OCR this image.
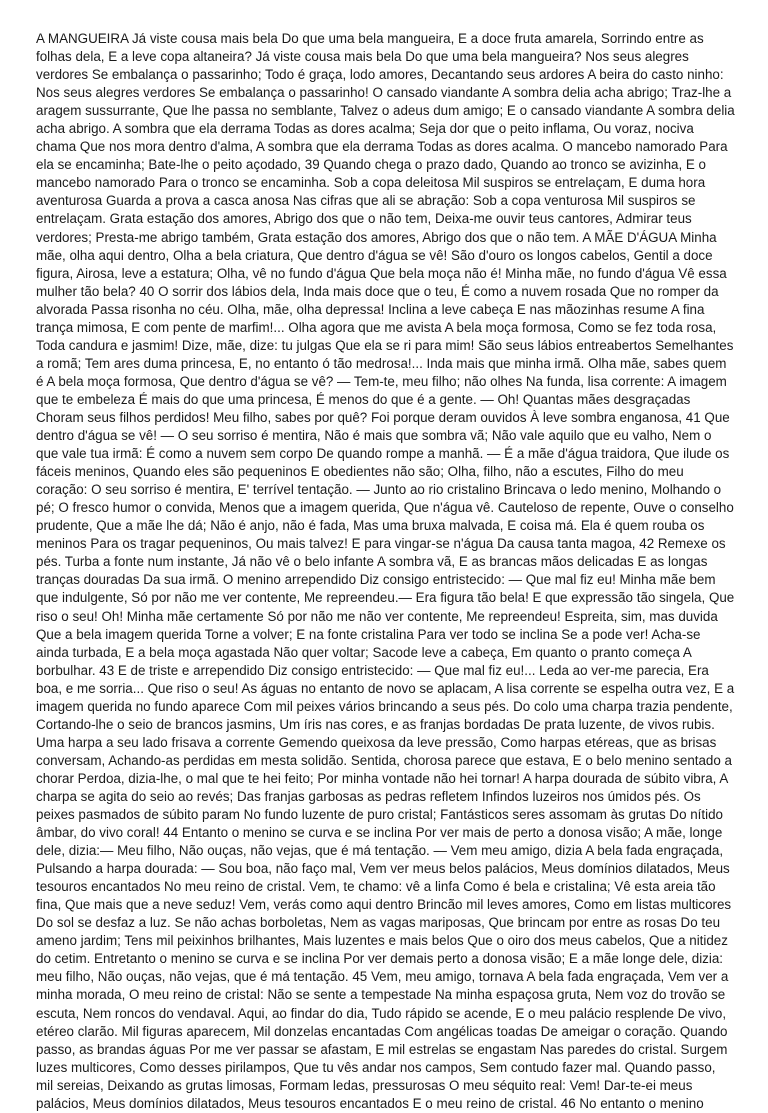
A MANGUEIRA Já viste cousa mais bela Do que uma bela mangueira, E a doce fruta amarela, Sorrindo entre as folhas dela, E a leve copa altaneira? Já viste cousa mais bela Do que uma bela mangueira? Nos seus alegres verdores Se embalança o passarinho; Todo é graça, lodo amores, Decantando seus ardores A beira do casto ninho: Nos seus alegres verdores Se embalança o passarinho! O cansado viandante A sombra delia acha abrigo; Traz-lhe a aragem sussurrante, Que lhe passa no semblante, Talvez o adeus dum amigo; E o cansado viandante A sombra delia acha abrigo. A sombra que ela derrama Todas as dores acalma; Seja dor que o peito inflama, Ou voraz, nociva chama Que nos mora dentro d'alma, A sombra que ela derrama Todas as dores acalma. O mancebo namorado Para ela se encaminha; Bate-lhe o peito açodado, 39 Quando chega o prazo dado, Quando ao tronco se avizinha, E o mancebo namorado Para o tronco se encaminha. Sob a copa deleitosa Mil suspiros se entrelaçam, E duma hora aventurosa Guarda a prova a casca anosa Nas cifras que ali se abração: Sob a copa venturosa Mil suspiros se entrelaçam. Grata estação dos amores, Abrigo dos que o não tem, Deixa-me ouvir teus cantores, Admirar teus verdores; Presta-me abrigo também, Grata estação dos amores, Abrigo dos que o não tem. A MÃE D'ÁGUA Minha mãe, olha aqui dentro, Olha a bela criatura, Que dentro d'água se vê! São d'ouro os longos cabelos, Gentil a doce figura, Airosa, leve a estatura; Olha, vê no fundo d'água Que bela moça não é! Minha mãe, no fundo d'água Vê essa mulher tão bela? 40 O sorrir dos lábios dela, Inda mais doce que o teu, É como a nuvem rosada Que no romper da alvorada Passa risonha no céu. Olha, mãe, olha depressa! Inclina a leve cabeça E nas mãozinhas resume A fina trança mimosa, E com pente de marfim!... Olha agora que me avista A bela moça formosa, Como se fez toda rosa, Toda candura e jasmim! Dize, mãe, dize: tu julgas Que ela se ri para mim! São seus lábios entreabertos Semelhantes a romã; Tem ares duma princesa, E, no entanto ó tão medrosa!... Inda mais que minha irmã. Olha mãe, sabes quem é A bela moça formosa, Que dentro d'água se vê? — Tem-te, meu filho; não olhes Na funda, lisa corrente: A imagem que te embeleza É mais do que uma princesa, É menos do que é a gente. — Oh! Quantas mães desgraçadas Choram seus filhos perdidos! Meu filho, sabes por quê? Foi porque deram ouvidos À leve sombra enganosa, 41 Que dentro d'água se vê! — O seu sorriso é mentira, Não é mais que sombra vã; Não vale aquilo que eu valho, Nem o que vale tua irmã: É como a nuvem sem corpo De quando rompe a manhã. — É a mãe d'água traidora, Que ilude os fáceis meninos, Quando eles são pequeninos E obedientes não são; Olha, filho, não a escutes, Filho do meu coração: O seu sorriso é mentira, E' terrível tentação. — Junto ao rio cristalino Brincava o ledo menino, Molhando o pé; O fresco humor o convida, Menos que a imagem querida, Que n'água vê. Cauteloso de repente, Ouve o conselho prudente, Que a mãe lhe dá; Não é anjo, não é fada, Mas uma bruxa malvada, E coisa má. Ela é quem rouba os meninos Para os tragar pequeninos, Ou mais talvez! E para vingar-se n'água Da causa tanta magoa, 42 Remexe os pés. Turba a fonte num instante, Já não vê o belo infante A sombra vã, E as brancas mãos delicadas E as longas tranças douradas Da sua irmã. O menino arrependido Diz consigo entristecido: — Que mal fiz eu! Minha mãe bem que indulgente, Só por não me ver contente, Me repreendeu.— Era figura tão bela! E que expressão tão singela, Que riso o seu! Oh! Minha mãe certamente Só por não me não ver contente, Me repreendeu! Espreita, sim, mas duvida Que a bela imagem querida Torne a volver; E na fonte cristalina Para ver todo se inclina Se a pode ver! Acha-se ainda turbada, E a bela moça agastada Não quer voltar; Sacode leve a cabeça, Em quanto o pranto começa A borbulhar. 43 E de triste e arrependido Diz consigo entristecido: — Que mal fiz eu!... Leda ao ver-me parecia, Era boa, e me sorria... Que riso o seu! As águas no entanto de novo se aplacam, A lisa corrente se espelha outra vez, E a imagem querida no fundo aparece Com mil peixes vários brincando a seus pés. Do colo uma charpa trazia pendente, Cortando-lhe o seio de brancos jasmins, Um íris nas cores, e as franjas bordadas De prata luzente, de vivos rubis. Uma harpa a seu lado frisava a corrente Gemendo queixosa da leve pressão, Como harpas etéreas, que as brisas conversam, Achando-as perdidas em mesta solidão. Sentida, chorosa parece que estava, E o belo menino sentado a chorar Perdoa, dizia-lhe, o mal que te hei feito; Por minha vontade não hei tornar! A harpa dourada de súbito vibra, A charpa se agita do seio ao revés; Das franjas garbosas as pedras refletem Infindos luzeiros nos úmidos pés. Os peixes pasmados de súbito param No fundo luzente de puro cristal; Fantásticos seres assomam às grutas Do nítido âmbar, do vivo coral! 44 Entanto o menino se curva e se inclina Por ver mais de perto a donosa visão; A mãe, longe dele, dizia:— Meu filho, Não ouças, não vejas, que é má tentação. — Vem meu amigo, dizia A bela fada engraçada, Pulsando a harpa dourada: — Sou boa, não faço mal, Vem ver meus belos palácios, Meus domínios dilatados, Meus tesouros encantados No meu reino de cristal. Vem, te chamo: vê a linfa Como é bela e cristalina; Vê esta areia tão fina, Que mais que a neve seduz! Vem, verás como aqui dentro Brincão mil leves amores, Como em listas multicores Do sol se desfaz a luz. Se não achas borboletas, Nem as vagas mariposas, Que brincam por entre as rosas Do teu ameno jardim; Tens mil peixinhos brilhantes, Mais luzentes e mais belos Que o oiro dos meus cabelos, Que a nitidez do cetim. Entretanto o menino se curva e se inclina Por ver demais perto a donosa visão; E a mãe longe dele, dizia: meu filho, Não ouças, não vejas, que é má tentação. 45 Vem, meu amigo, tornava A bela fada engraçada, Vem ver a minha morada, O meu reino de cristal: Não se sente a tempestade Na minha espaçosa gruta, Nem voz do trovão se escuta, Nem roncos do vendaval. Aqui, ao findar do dia, Tudo rápido se acende, E o meu palácio resplende De vivo, etéreo clarão. Mil figuras aparecem, Mil donzelas encantadas Com angélicas toadas De ameigar o coração. Quando passo, as brandas águas Por me ver passar se afastam, E mil estrelas se engastam Nas paredes do cristal. Surgem luzes multicores, Como desses pirilampos, Que tu vês andar nos campos, Sem contudo fazer mal. Quando passo, mil sereias, Deixando as grutas limosas, Formam ledas, pressurosas O meu séquito real: Vem! Dar-te-ei meus palácios, Meus domínios dilatados, Meus tesouros encantados E o meu reino de cristal. 46 No entanto o menino
